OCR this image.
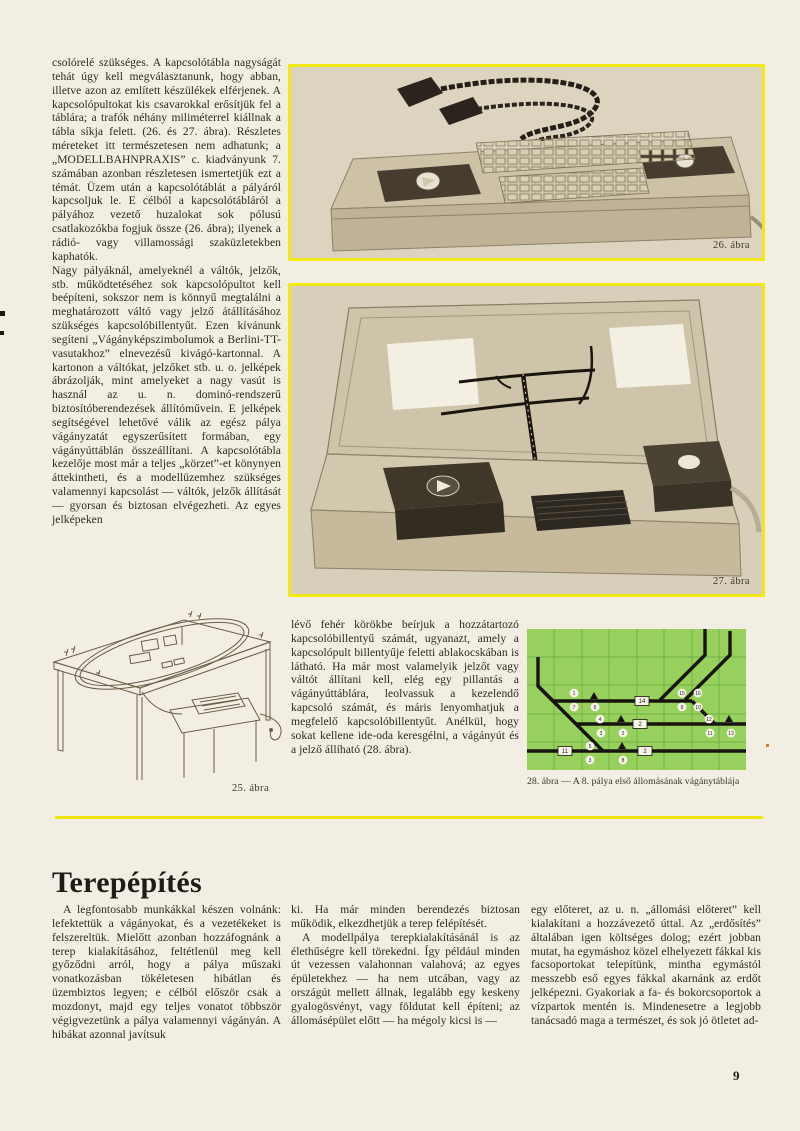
csolórelé szükséges. A kapcsolótábla nagyságát tehát úgy kell megválasztanunk, hogy abban, illetve azon az említett készülékek elférjenek. A kapcsolópultokat kis csavarokkal erősítjük fel a táblára; a trafók néhány miliméterrel kiállnak a tábla síkja felett. (26. és 27. ábra). Részletes méreteket itt természetesen nem adhatunk; a „MODELLBAHNPRAXIS” c. kiadványunk 7. számában azonban részletesen ismertetjük ezt a témát. Üzem után a kapcsolótáblát a pályáról kapcsoljuk le. E célból a kapcsolótábláról a pályához vezető huzalokat sok pólusú csatlakozókba fogjuk össze (26. ábra); ilyenek a rádió- vagy villamossági szaküzletekben kaphatók.

Nagy pályáknál, amelyeknél a váltók, jelzők, stb. működtetéséhez sok kapcsolópultot kell beépíteni, sokszor nem is könnyű megtalálni a meghatározott váltó vagy jelző átállításához szükséges kapcsolóbillentyűt. Ezen kívánunk segíteni „Vágányképszimbolumok a Berlini-TT-vasutakhoz” elnevezésű kivágó-kartonnal. A kartonon a váltókat, jelzőket stb. u. o. jelképek ábrázolják, mint amelyeket a nagy vasút is használ az u. n. dominó-rendszerű biztosítóberendezések állítóművein. E jelképek segítségével lehetővé válik az egész pálya vágányzatát egyszerűsített formában, egy vágányúttáblán összeállítani. A kapcsolótábla kezelője most már a teljes „körzet”-et könynyen áttekintheti, és a modellüzemhez szükséges valamennyi kapcsolást — váltók, jelzők állítását — gyorsan és biztosan elvégezheti. Az egyes jelképeken

26. ábra
27. ábra
25. ábra

lévő fehér körökbe beírjuk a hozzátartozó kapcsolóbillentyű számát, ugyanazt, amely a kapcsolópult billentyűje feletti ablakocskában is látható. Ha már most valamelyik jelzőt vagy váltót állítani kell, elég egy pillantás a vágányúttáblára, leolvassuk a kezelendő kapcsoló számát, és máris lenyomhatjuk a megfelelő kapcsolóbillentyűt. Anélkül, hogy sokat kellene ide-oda keresgélni, a vágányút és a jelző állíható (28. ábra).

14
2
2
11
1
7	6
4
3	2
5
3	8
15 16
9 10
12
11	13
28. ábra — A 8. pálya első állomásának vágánytáblája
Terepépítés

A legfontosabb munkákkal készen volnánk: lefektettük a vágányokat, és a vezetékeket is felszereltük. Mielőtt azonban hozzáfognánk a terep kialakításához, feltétlenül meg kell győződni arról, hogy a pálya műszaki vonatkozásban tökéletesen hibátlan és üzembiztos legyen; e célból először csak a mozdonyt, majd egy teljes vonatot többször végigvezetünk a pálya valamennyi vágányán. A hibákat azonnal javítsuk

ki. Ha már minden berendezés biztosan működik, elkezdhetjük a terep felépítését.

A modellpálya terepkialakításánál is az élethűségre kell törekedni. Így például minden út vezessen valahonnan valahová; az egyes épületekhez — ha nem utcában, vagy az országút mellett állnak, legalább egy keskeny gyalogösvényt, vagy földutat kell építeni; az állomásépület előtt — ha mégoly kicsi is —

egy előteret, az u. n. „állomási előteret” kell kialakítani a hozzávezető úttal. Az „erdősítés” általában igen költséges dolog; ezért jobban mutat, ha egymáshoz közel elhelyezett fákkal kis facsoportokat telepítünk, mintha egymástól messzebb eső egyes fákkal akarnánk az erdőt jelképezni. Gyakoriak a fa- és bokorcsoportok a vízpartok mentén is. Mindenesetre a legjobb tanácsadó maga a természet, és sok jó ötletet ad-

9
